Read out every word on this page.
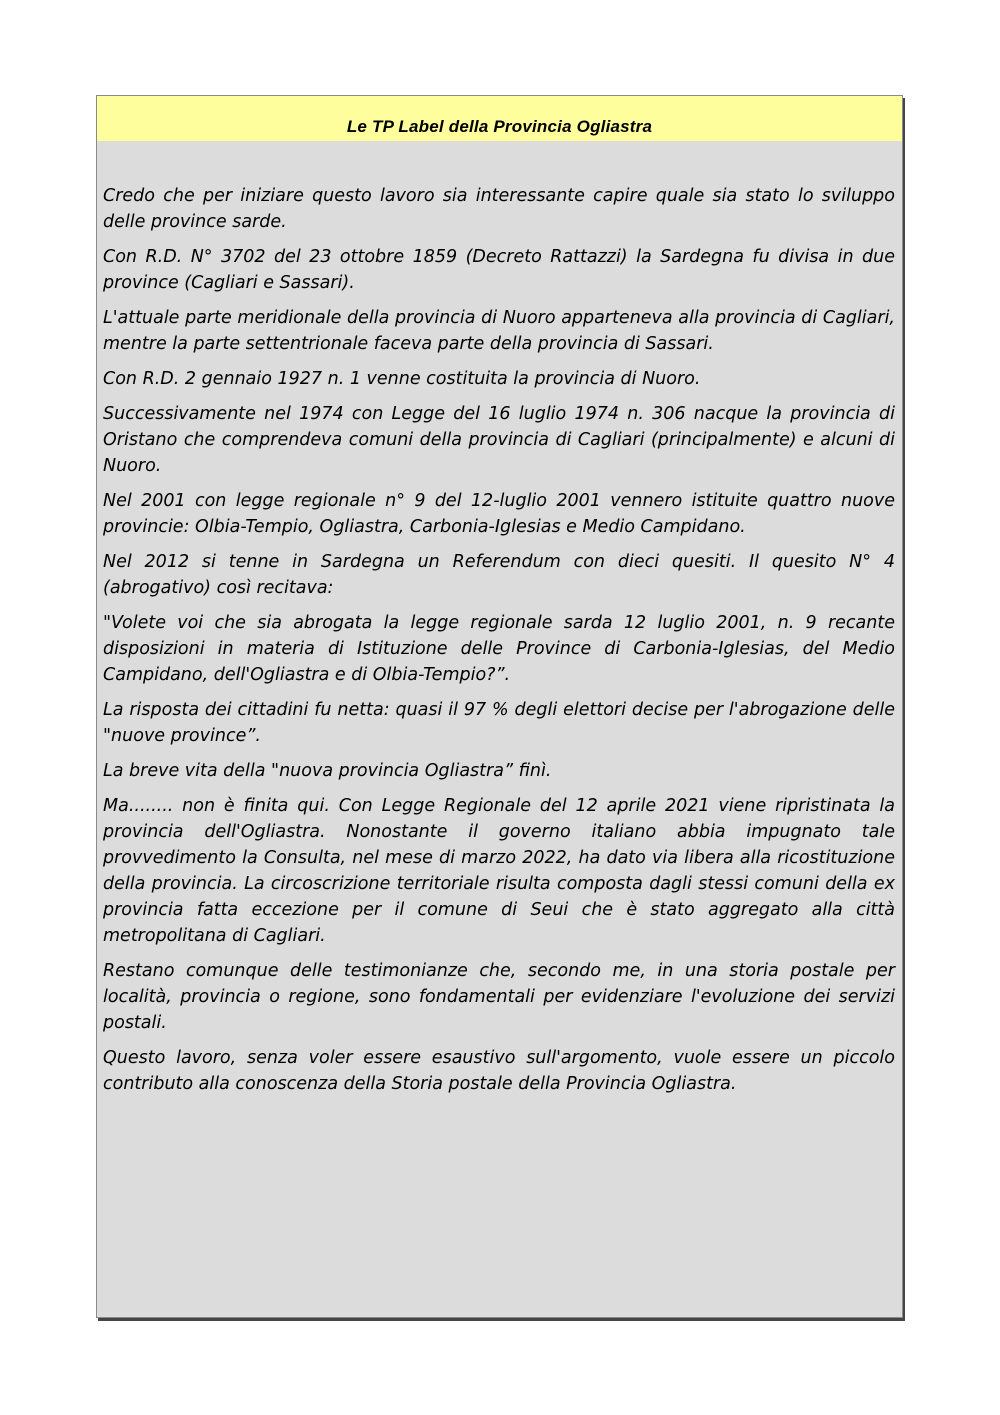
Le TP Label della Provincia Ogliastra

Credo che per iniziare questo lavoro sia interessante capire quale sia stato lo sviluppo delle province sarde.

Con R.D. N° 3702 del 23 ottobre 1859 (Decreto Rattazzi) la Sardegna fu divisa in due province (Cagliari e Sassari).

L'attuale parte meridionale della provincia di Nuoro apparteneva alla provincia di Cagliari, mentre la parte settentrionale faceva parte della provincia di Sassari.

Con R.D. 2 gennaio 1927 n. 1 venne costituita la provincia di Nuoro.

Successivamente nel 1974 con Legge del 16 luglio 1974 n. 306 nacque la provincia di Oristano che comprendeva comuni della provincia di Cagliari (principalmente) e alcuni di Nuoro.

Nel 2001 con legge regionale n° 9 del 12-luglio 2001 vennero istituite quattro nuove provincie: Olbia-Tempio, Ogliastra, Carbonia-Iglesias e Medio Campidano.

Nel 2012 si tenne in Sardegna un Referendum con dieci quesiti. Il quesito N° 4 (abrogativo) così recitava:

"Volete voi che sia abrogata la legge regionale sarda 12 luglio 2001, n. 9 recante disposizioni in materia di Istituzione delle Province di Carbonia-Iglesias, del Medio Campidano, dell'Ogliastra e di Olbia-Tempio?”.

La risposta dei cittadini fu netta: quasi il 97 % degli elettori decise per l'abrogazione delle "nuove province”.

La breve vita della "nuova provincia Ogliastra” finì.

Ma........ non è finita qui. Con Legge Regionale del 12 aprile 2021 viene ripristinata la provincia dell'Ogliastra. Nonostante il governo italiano abbia impugnato tale provvedimento la Consulta, nel mese di marzo 2022, ha dato via libera alla ricostituzione della provincia. La circoscrizione territoriale risulta composta dagli stessi comuni della ex provincia fatta eccezione per il comune di Seui che è stato aggregato alla città metropolitana di Cagliari.

Restano comunque delle testimonianze che, secondo me, in una storia postale per località, provincia o regione, sono fondamentali per evidenziare l'evoluzione dei servizi postali.

Questo lavoro, senza voler essere esaustivo sull'argomento, vuole essere un piccolo contributo alla conoscenza della Storia postale della Provincia Ogliastra.
